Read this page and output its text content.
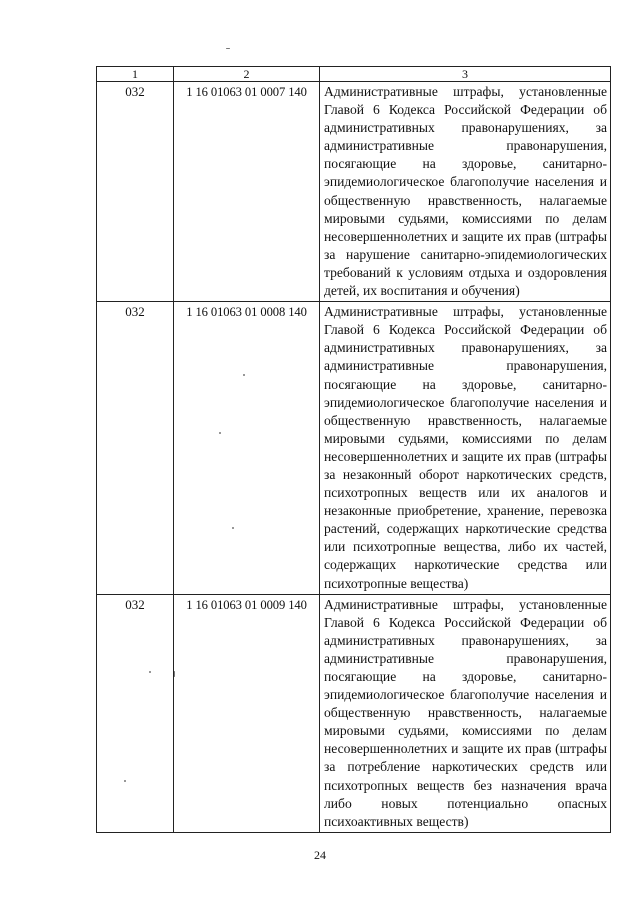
1	2	3
032	1 16 01063 01 0007 140	Административные штрафы, установленные Главой 6 Кодекса Российской Федерации об административных правонарушениях, за административные правонарушения, посягающие на здоровье, санитарно-эпидемиологическое благополучие населения и общественную нравственность, налагаемые мировыми судьями, комиссиями по делам несовершеннолетних и защите их прав (штрафы за нарушение санитарно-эпидемиологических требований к условиям отдыха и оздоровления детей, их воспитания и обучения)
032	1 16 01063 01 0008 140	Административные штрафы, установленные Главой 6 Кодекса Российской Федерации об административных правонарушениях, за административные правонарушения, посягающие на здоровье, санитарно-эпидемиологическое благополучие населения и общественную нравственность, налагаемые мировыми судьями, комиссиями по делам несовершеннолетних и защите их прав (штрафы за незаконный оборот наркотических средств, психотропных веществ или их аналогов и незаконные приобретение, хранение, перевозка растений, содержащих наркотические средства или психотропные вещества, либо их частей, содержащих наркотические средства или психотропные вещества)
032	1 16 01063 01 0009 140	Административные штрафы, установленные Главой 6 Кодекса Российской Федерации об административных правонарушениях, за административные правонарушения, посягающие на здоровье, санитарно-эпидемиологическое благополучие населения и общественную нравственность, налагаемые мировыми судьями, комиссиями по делам несовершеннолетних и защите их прав (штрафы за потребление наркотических средств или психотропных веществ без назначения врача либо новых потенциально опасных психоактивных веществ)
24
